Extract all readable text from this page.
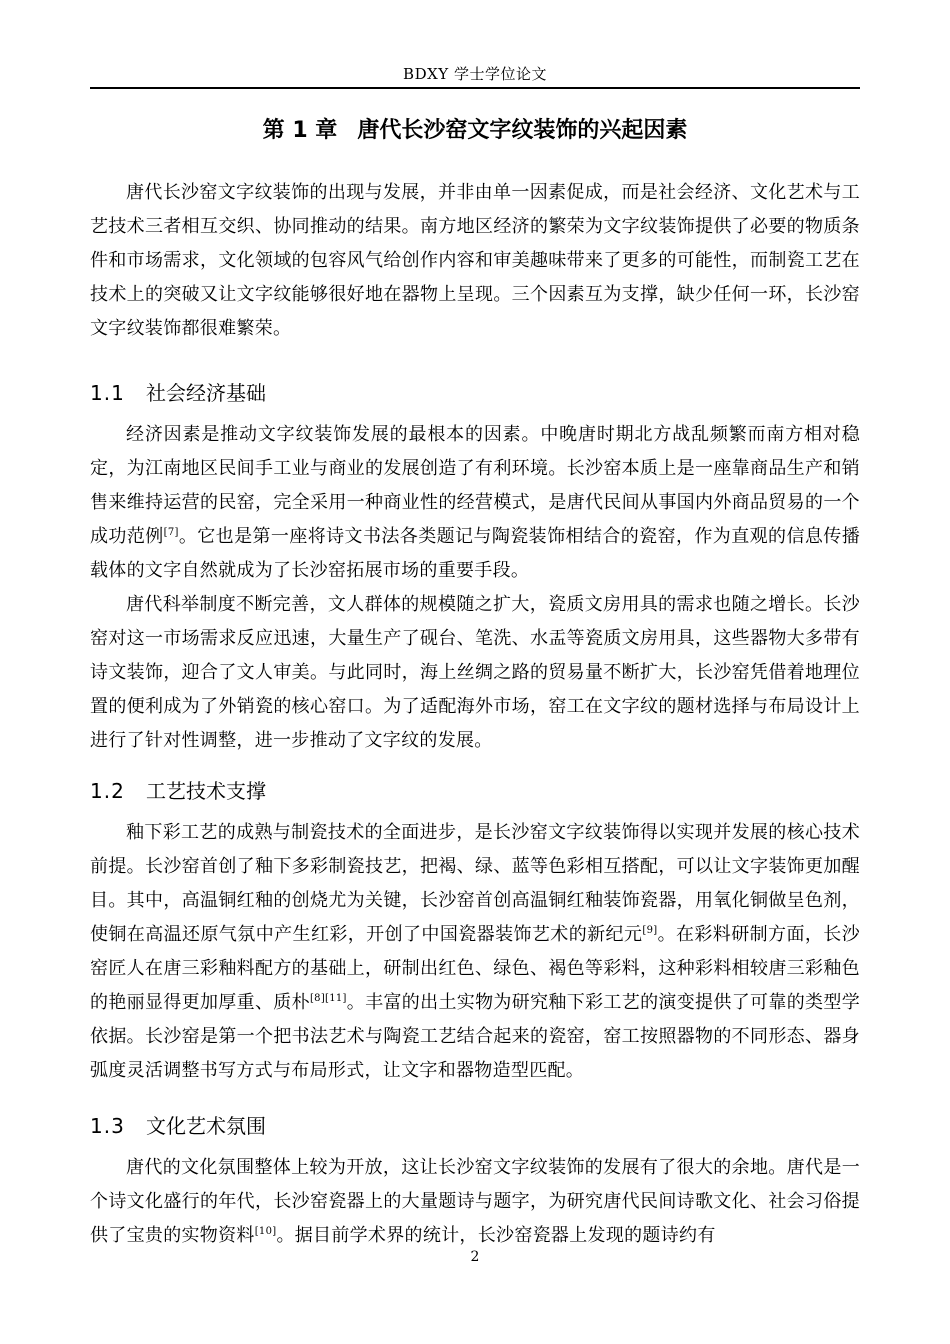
BDXY 学士学位论文
第 1 章 唐代长沙窑文字纹装饰的兴起因素

唐代长沙窑文字纹装饰的出现与发展，并非由单一因素促成，而是社会经济、文化艺术与工艺技术三者相互交织、协同推动的结果。南方地区经济的繁荣为文字纹装饰提供了必要的物质条件和市场需求，文化领域的包容风气给创作内容和审美趣味带来了更多的可能性，而制瓷工艺在技术上的突破又让文字纹能够很好地在器物上呈现。三个因素互为支撑，缺少任何一环，长沙窑文字纹装饰都很难繁荣。

1.1 社会经济基础

经济因素是推动文字纹装饰发展的最根本的因素。中晚唐时期北方战乱频繁而南方相对稳定，为江南地区民间手工业与商业的发展创造了有利环境。长沙窑本质上是一座靠商品生产和销售来维持运营的民窑，完全采用一种商业性的经营模式，是唐代民间从事国内外商品贸易的一个成功范例[7]。它也是第一座将诗文书法各类题记与陶瓷装饰相结合的瓷窑，作为直观的信息传播载体的文字自然就成为了长沙窑拓展市场的重要手段。

唐代科举制度不断完善，文人群体的规模随之扩大，瓷质文房用具的需求也随之增长。长沙窑对这一市场需求反应迅速，大量生产了砚台、笔洗、水盂等瓷质文房用具，这些器物大多带有诗文装饰，迎合了文人审美。与此同时，海上丝绸之路的贸易量不断扩大，长沙窑凭借着地理位置的便利成为了外销瓷的核心窑口。为了适配海外市场，窑工在文字纹的题材选择与布局设计上进行了针对性调整，进一步推动了文字纹的发展。

1.2 工艺技术支撑

釉下彩工艺的成熟与制瓷技术的全面进步，是长沙窑文字纹装饰得以实现并发展的核心技术前提。长沙窑首创了釉下多彩制瓷技艺，把褐、绿、蓝等色彩相互搭配，可以让文字装饰更加醒目。其中，高温铜红釉的创烧尤为关键，长沙窑首创高温铜红釉装饰瓷器，用氧化铜做呈色剂，使铜在高温还原气氛中产生红彩，开创了中国瓷器装饰艺术的新纪元[9]。在彩料研制方面，长沙窑匠人在唐三彩釉料配方的基础上，研制出红色、绿色、褐色等彩料，这种彩料相较唐三彩釉色的艳丽显得更加厚重、质朴[8][11]。丰富的出土实物为研究釉下彩工艺的演变提供了可靠的类型学依据。长沙窑是第一个把书法艺术与陶瓷工艺结合起来的瓷窑，窑工按照器物的不同形态、器身弧度灵活调整书写方式与布局形式，让文字和器物造型匹配。

1.3 文化艺术氛围

唐代的文化氛围整体上较为开放，这让长沙窑文字纹装饰的发展有了很大的余地。唐代是一个诗文化盛行的年代，长沙窑瓷器上的大量题诗与题字，为研究唐代民间诗歌文化、社会习俗提供了宝贵的实物资料[10]。据目前学术界的统计，长沙窑瓷器上发现的题诗约有

2
